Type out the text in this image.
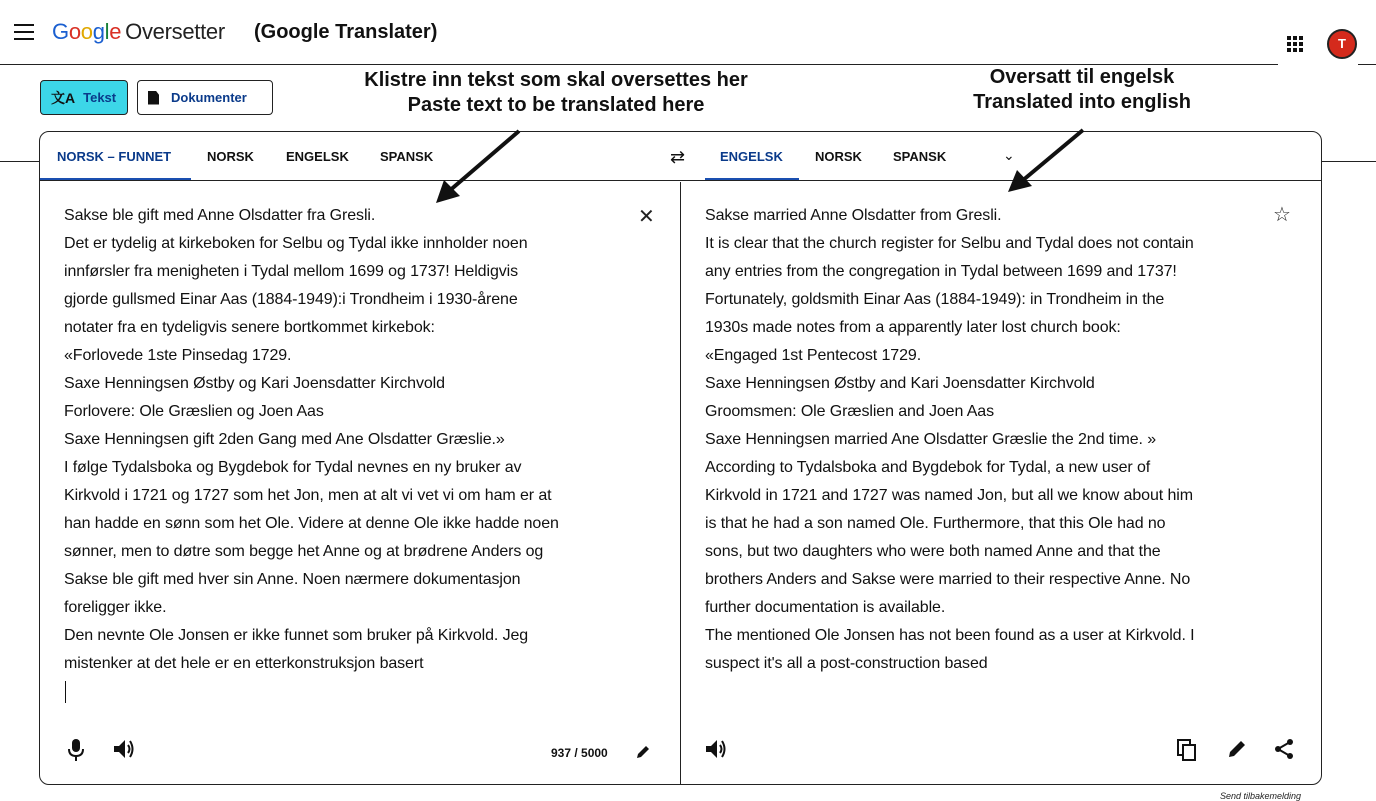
Google Oversetter (Google Translater)
T
文A Tekst	Dokumenter
Klistre inn tekst som skal oversettes her
Paste text to be translated here
Oversatt til engelsk
Translated into english
NORSK – FUNNET	NORSK ENGELSK SPANSK	⇄	ENGELSK NORSK SPANSK	⌄
Sakse ble gift med Anne Olsdatter fra Gresli.
Det er tydelig at kirkeboken for Selbu og Tydal ikke innholder noen
innførsler fra menigheten i Tydal mellom 1699 og 1737! Heldigvis
gjorde gullsmed Einar Aas (1884-1949):i Trondheim i 1930-årene
notater fra en tydeligvis senere bortkommet kirkebok:
«Forlovede 1ste Pinsedag 1729.
Saxe Henningsen Østby og Kari Joensdatter Kirchvold
Forlovere: Ole Græslien og Joen Aas
Saxe Henningsen gift 2den Gang med Ane Olsdatter Græslie.»
I følge Tydalsboka og Bygdebok for Tydal nevnes en ny bruker av
Kirkvold i 1721 og 1727 som het Jon, men at alt vi vet vi om ham er at
han hadde en sønn som het Ole. Videre at denne Ole ikke hadde noen
sønner, men to døtre som begge het Anne og at brødrene Anders og
Sakse ble gift med hver sin Anne. Noen nærmere dokumentasjon
foreligger ikke.
Den nevnte Ole Jonsen er ikke funnet som bruker på Kirkvold. Jeg
mistenker at det hele er en etterkonstruksjon basert
✕	Sakse married Anne Olsdatter from Gresli.
It is clear that the church register for Selbu and Tydal does not contain
any entries from the congregation in Tydal between 1699 and 1737!
Fortunately, goldsmith Einar Aas (1884-1949): in Trondheim in the
1930s made notes from a apparently later lost church book:
«Engaged 1st Pentecost 1729.
Saxe Henningsen Østby and Kari Joensdatter Kirchvold
Groomsmen: Ole Græslien and Joen Aas
Saxe Henningsen married Ane Olsdatter Græslie the 2nd time. »
According to Tydalsboka and Bygdebok for Tydal, a new user of
Kirkvold in 1721 and 1727 was named Jon, but all we know about him
is that he had a son named Ole. Furthermore, that this Ole had no
sons, but two daughters who were both named Anne and that the
brothers Anders and Sakse were married to their respective Anne. No
further documentation is available.
The mentioned Ole Jonsen has not been found as a user at Kirkvold. I
suspect it's all a post-construction based
☆
937 / 5000
Send tilbakemelding
